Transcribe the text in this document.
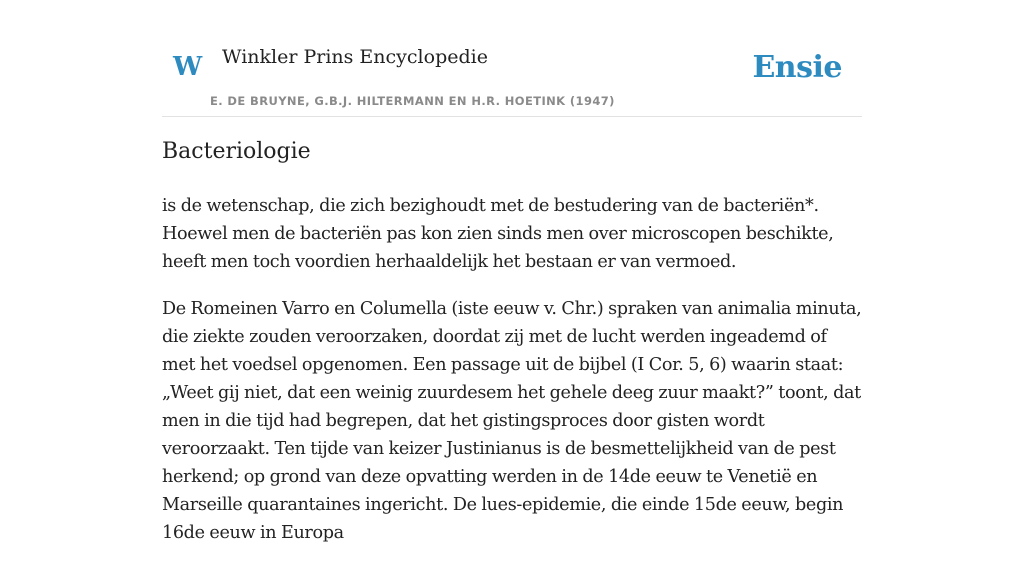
W Winkler Prins Encyclopedie
E. DE BRUYNE, G.B.J. HILTERMANN EN H.R. HOETINK (1947)
Ensie
Bacteriologie

is de wetenschap, die zich bezighoudt met de bestudering van de bacteriën*. Hoewel men de bacteriën pas kon zien sinds men over microscopen beschikte, heeft men toch voordien herhaaldelijk het bestaan er van vermoed.

De Romeinen Varro en Columella (iste eeuw v. Chr.) spraken van animalia minuta, die ziekte zouden veroorzaken, doordat zij met de lucht werden ingeademd of met het voedsel opgenomen. Een passage uit de bijbel (I Cor. 5, 6) waarin staat: „Weet gij niet, dat een weinig zuurdesem het gehele deeg zuur maakt?” toont, dat men in die tijd had begrepen, dat het gistingsproces door gisten wordt veroorzaakt. Ten tijde van keizer Justinianus is de besmettelijkheid van de pest herkend; op grond van deze opvatting werden in de 14de eeuw te Venetië en Marseille quarantaines ingericht. De lues-epidemie, die einde 15de eeuw, begin 16de eeuw in Europa
